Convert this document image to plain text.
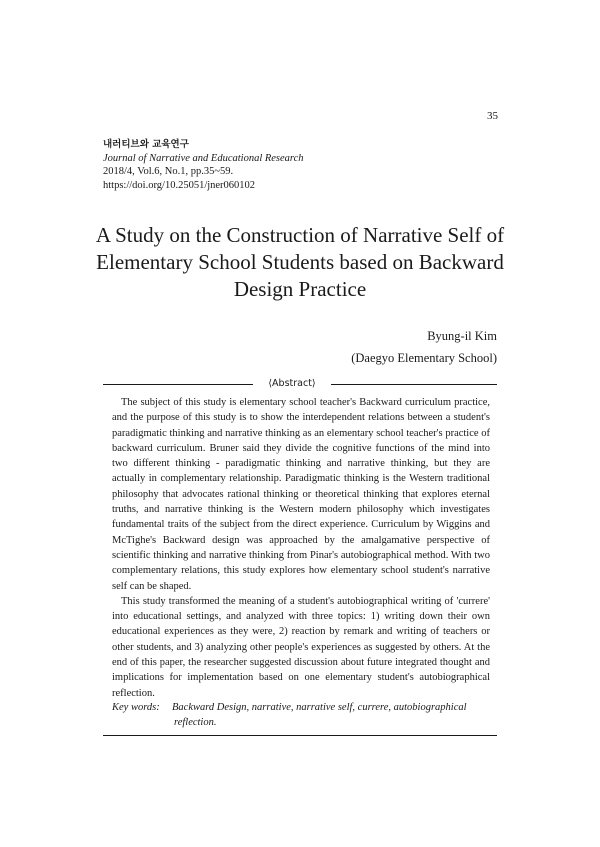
35
내러티브와 교육연구
Journal of Narrative and Educational Research
2018/4, Vol.6, No.1, pp.35~59.
https://doi.org/10.25051/jner060102
A Study on the Construction of Narrative Self of Elementary School Students based on Backward Design Practice
Byung-il Kim
(Daegyo Elementary School)
⟨Abstract⟩

The subject of this study is elementary school teacher's Backward curriculum practice, and the purpose of this study is to show the interdependent relations between a student's paradigmatic thinking and narrative thinking as an elementary school teacher's practice of backward curriculum. Bruner said they divide the cognitive functions of the mind into two different thinking - paradigmatic thinking and narrative thinking, but they are actually in complementary relationship. Paradigmatic thinking is the Western traditional philosophy that advocates rational thinking or theoretical thinking that explores eternal truths, and narrative thinking is the Western modern philosophy which investigates fundamental traits of the subject from the direct experience. Curriculum by Wiggins and McTighe's Backward design was approached by the amalgamative perspective of scientific thinking and narrative thinking from Pinar's autobiographical method. With two complementary relations, this study explores how elementary school student's narrative self can be shaped.

This study transformed the meaning of a student's autobiographical writing of 'currere' into educational settings, and analyzed with three topics: 1) writing down their own educational experiences as they were, 2) reaction by remark and writing of teachers or other students, and 3) analyzing other people's experiences as suggested by others. At the end of this paper, the researcher suggested discussion about future integrated thought and implications for implementation based on one elementary student's autobiographical reflection.

Key words: Backward Design, narrative, narrative self, currere, autobiographical
reflection.
